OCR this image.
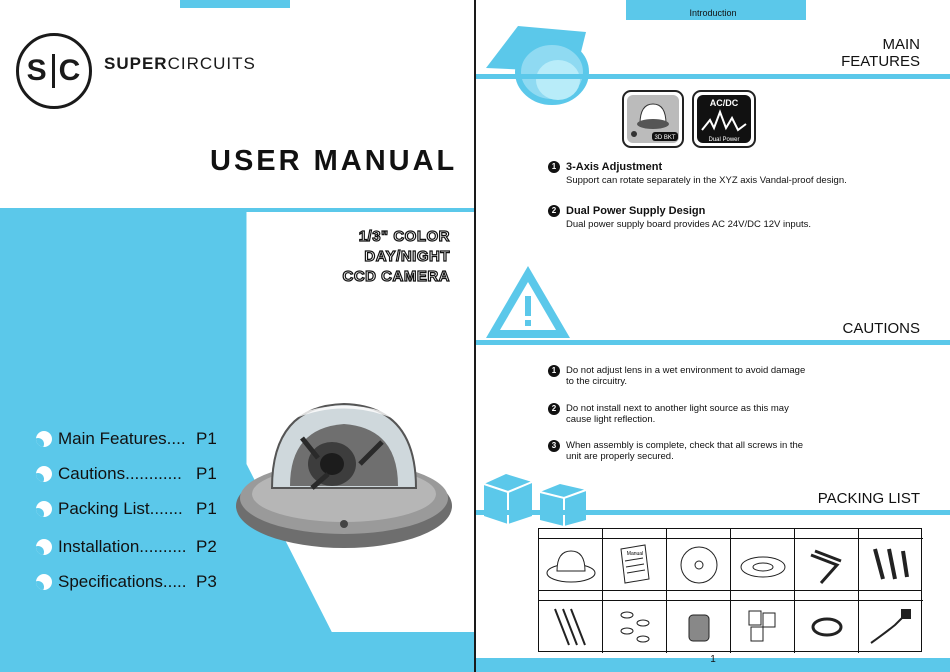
S C SUPERCIRCUITS
USER MANUAL
1/3" COLOR
DAY/NIGHT
CCD CAMERA
Main Features .... P1
Cautions ............ P1
Packing List ....... P1
Installation .......... P2
Specifications ..... P3
Introduction
MAIN
FEATURES
3D BKT
AC/DC
Dual Power
1 3-Axis Adjustment
Support can rotate separately in the XYZ axis Vandal-proof design.
2 Dual Power Supply Design
Dual power supply board provides AC 24V/DC 12V inputs.
CAUTIONS
1 Do not adjust lens in a wet environment to avoid damage
to the circuitry.
2 Do not install next to another light source as this may
cause light reflection.
3 When assembly is complete, check that all screws in the
unit are properly secured.
PACKING LIST
Manual
1
